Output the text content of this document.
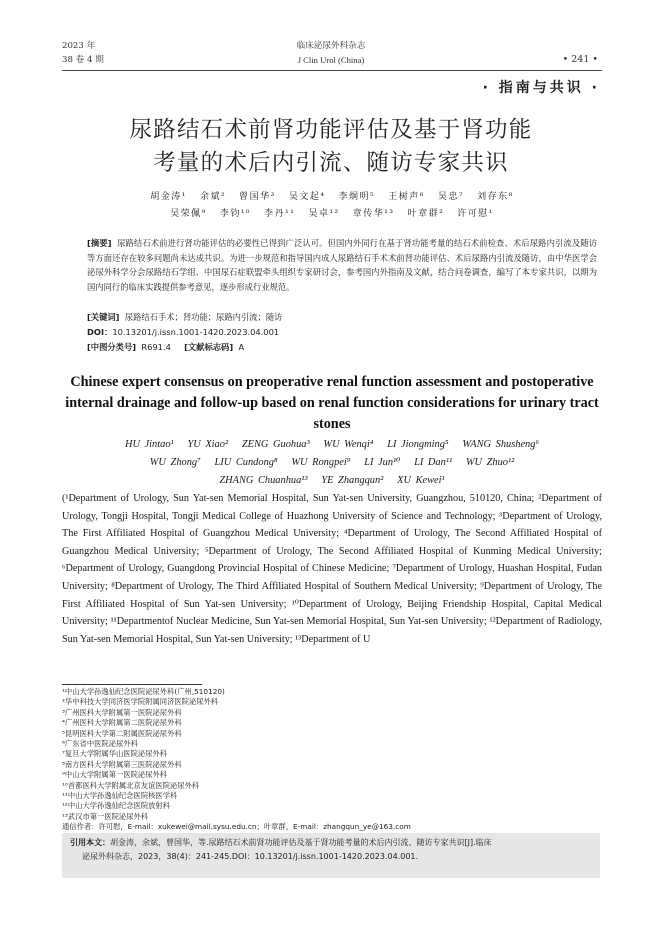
2023 年
38 卷 4 期
临床泌尿外科杂志
J Clin Urol (China)	• 241 •
· 指南与共识 ·
尿路结石术前肾功能评估及基于肾功能
考量的术后内引流、随访专家共识
胡金涛¹ 余斌² 曾国华³ 吴文起⁴ 李炯明⁵ 王树声⁶ 吴忠⁷ 刘存东⁸
吴荣佩⁹ 李钧¹⁰ 李丹¹¹ 吴卓¹² 章传华¹³ 叶章群² 许可慰¹
[摘要] 尿路结石术前进行肾功能评估的必要性已得到广泛认可。但国内外同行在基于肾功能考量的结石术前检查、术后尿路内引流及随访等方面还存在较多问题尚未达成共识。为进一步规范和指导国内成人尿路结石手术术前肾功能评估、术后尿路内引流及随访，由中华医学会泌尿外科学分会尿路结石学组、中国尿石症联盟牵头组织专家研讨会，参考国内外指南及文献，结合问卷调查，编写了本专家共识，以期为国内同行的临床实践提供参考意见，逐步形成行业规范。
[关键词] 尿路结石手术；肾功能；尿路内引流；随访
DOI：10.13201/j.issn.1001-1420.2023.04.001
[中图分类号] R691.4 [文献标志码] A
Chinese expert consensus on preoperative renal function assessment and postoperative internal drainage and follow-up based on renal function considerations for urinary tract stones
HU Jintao¹ YU Xiao² ZENG Guohua³ WU Wenqi⁴ LI Jiongming⁵ WANG Shusheng⁶
WU Zhong⁷ LIU Cundong⁸ WU Rongpei⁹ LI Jun¹⁰ LI Dan¹¹ WU Zhuo¹²
ZHANG Chuanhua¹³ YE Zhangqun² XU Kewei¹
(¹Department of Urology, Sun Yat-sen Memorial Hospital, Sun Yat-sen University, Guangzhou, 510120, China; ²Department of Urology, Tongji Hospital, Tongji Medical College of Huazhong University of Science and Technology; ³Department of Urology, The First Affiliated Hospital of Guangzhou Medical University; ⁴Department of Urology, The Second Affiliated Hospital of Guangzhou Medical University; ⁵Department of Urology, The Second Affiliated Hospital of Kunming Medical University; ⁶Department of Urology, Guangdong Provincial Hospital of Chinese Medicine; ⁷Department of Urology, Huashan Hospital, Fudan University; ⁸Department of Urology, The Third Affiliated Hospital of Southern Medical University; ⁹Department of Urology, The First Affiliated Hospital of Sun Yat-sen University; ¹⁰Department of Urology, Beijing Friendship Hospital, Capital Medical University; ¹¹Departmentof Nuclear Medicine, Sun Yat-sen Memorial Hospital, Sun Yat-sen University; ¹²Department of Radiology, Sun Yat-sen Memorial Hospital, Sun Yat-sen University; ¹³Department of U
¹中山大学孙逸仙纪念医院泌尿外科(广州,510120)
²华中科技大学同济医学院附属同济医院泌尿外科
³广州医科大学附属第一医院泌尿外科
⁴广州医科大学附属第二医院泌尿外科
⁵昆明医科大学第二附属医院泌尿外科
⁶广东省中医院泌尿外科
⁷复旦大学附属华山医院泌尿外科
⁸南方医科大学附属第三医院泌尿外科
⁹中山大学附属第一医院泌尿外科
¹⁰首都医科大学附属北京友谊医院泌尿外科
¹¹中山大学孙逸仙纪念医院核医学科
¹²中山大学孙逸仙纪念医院放射科
¹³武汉市第一医院泌尿外科
通信作者：许可慰，E-mail：xukewei@mail.sysu.edu.cn；叶章群，E-mail：zhangqun_ye@163.com
引用本文：胡金涛，余斌，曾国华，等.尿路结石术前肾功能评估及基于肾功能考量的术后内引流、随访专家共识[J].临床
泌尿外科杂志，2023，38(4)：241-245.DOI：10.13201/j.issn.1001-1420.2023.04.001.
